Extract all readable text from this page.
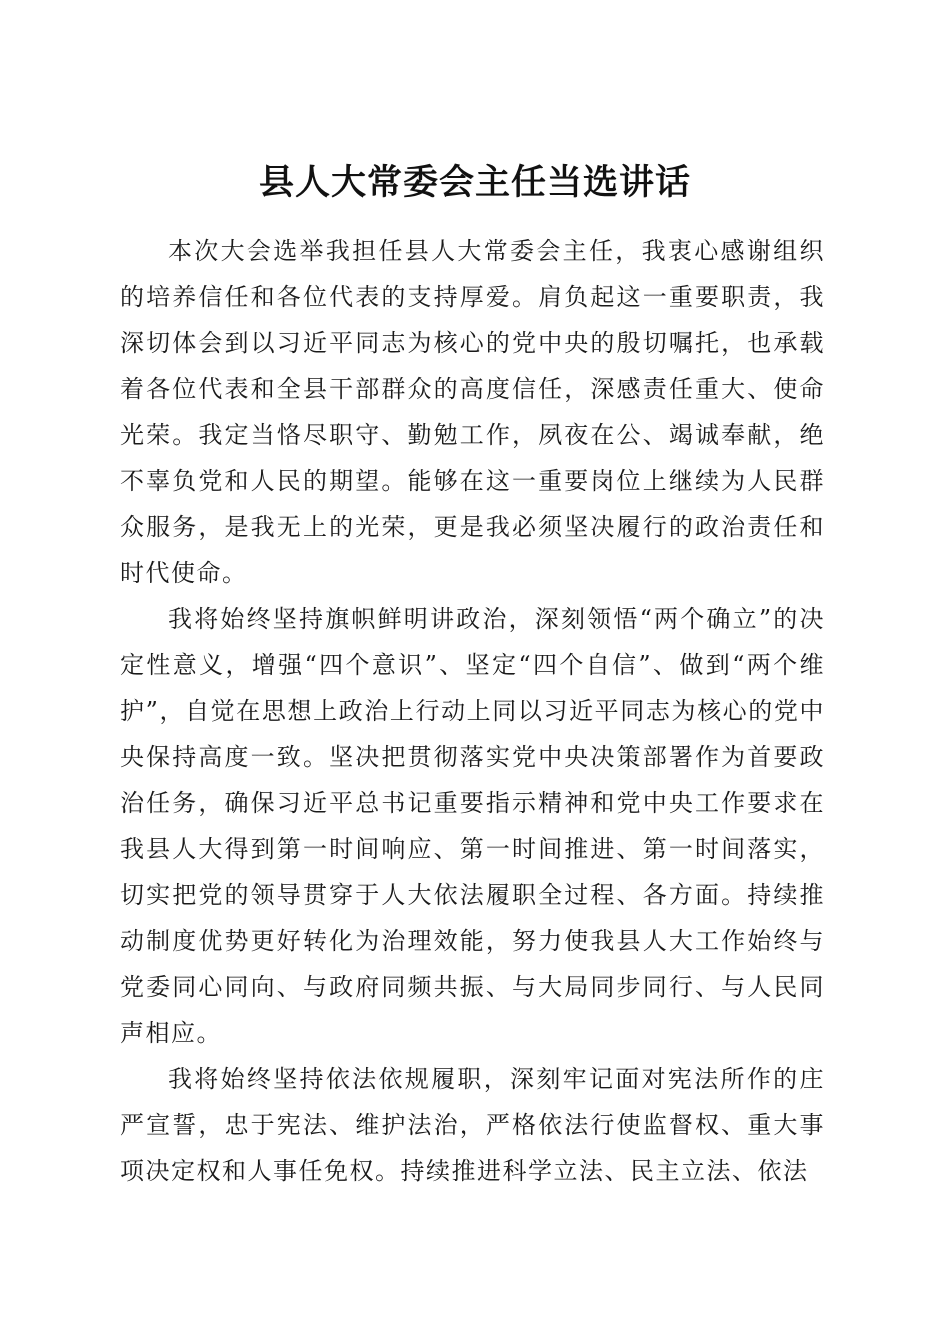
县人大常委会主任当选讲话

本次大会选举我担任县人大常委会主任，我衷心感谢组织的培养信任和各位代表的支持厚爱。肩负起这一重要职责，我深切体会到以习近平同志为核心的党中央的殷切嘱托，也承载着各位代表和全县干部群众的高度信任，深感责任重大、使命光荣。我定当恪尽职守、勤勉工作，夙夜在公、竭诚奉献，绝不辜负党和人民的期望。能够在这一重要岗位上继续为人民群众服务，是我无上的光荣，更是我必须坚决履行的政治责任和时代使命。

我将始终坚持旗帜鲜明讲政治，深刻领悟“两个确立”的决定性意义，增强“四个意识”、坚定“四个自信”、做到“两个维护”，自觉在思想上政治上行动上同以习近平同志为核心的党中央保持高度一致。坚决把贯彻落实党中央决策部署作为首要政治任务，确保习近平总书记重要指示精神和党中央工作要求在我县人大得到第一时间响应、第一时间推进、第一时间落实，切实把党的领导贯穿于人大依法履职全过程、各方面。持续推动制度优势更好转化为治理效能，努力使我县人大工作始终与党委同心同向、与政府同频共振、与大局同步同行、与人民同声相应。

我将始终坚持依法依规履职，深刻牢记面对宪法所作的庄严宣誓，忠于宪法、维护法治，严格依法行使监督权、重大事项决定权和人事任免权。持续推进科学立法、民主立法、依法
